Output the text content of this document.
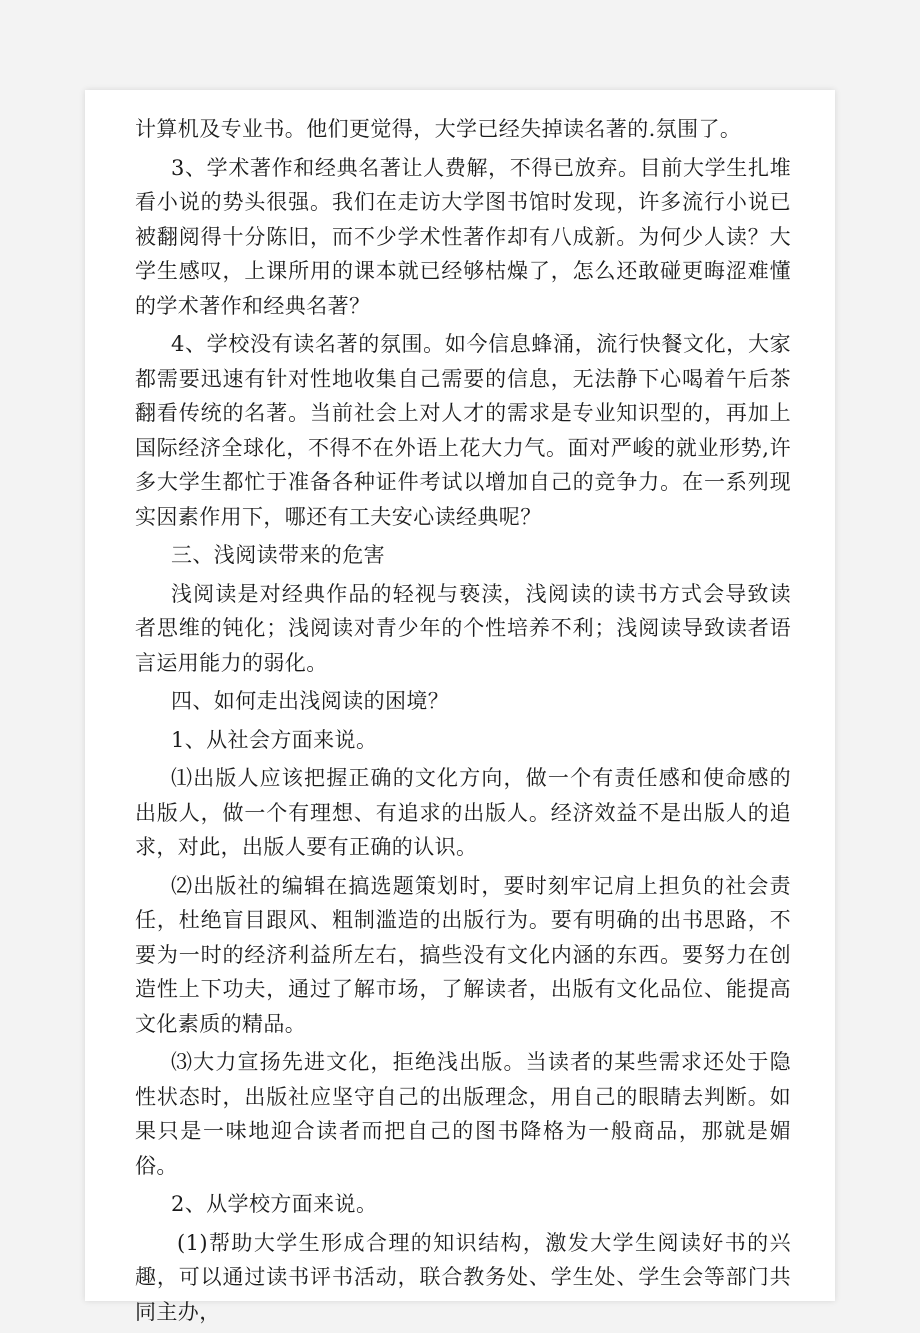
计算机及专业书。他们更觉得，大学已经失掉读名著的.氛围了。

3、学术著作和经典名著让人费解，不得已放弃。目前大学生扎堆看小说的势头很强。我们在走访大学图书馆时发现，许多流行小说已被翻阅得十分陈旧，而不少学术性著作却有八成新。为何少人读？大学生感叹，上课所用的课本就已经够枯燥了，怎么还敢碰更晦涩难懂的学术著作和经典名著？

4、学校没有读名著的氛围。如今信息蜂涌，流行快餐文化，大家都需要迅速有针对性地收集自己需要的信息，无法静下心喝着午后茶翻看传统的名著。当前社会上对人才的需求是专业知识型的，再加上国际经济全球化，不得不在外语上花大力气。面对严峻的就业形势,许多大学生都忙于准备各种证件考试以增加自己的竞争力。在一系列现实因素作用下，哪还有工夫安心读经典呢？

三、浅阅读带来的危害

浅阅读是对经典作品的轻视与亵渎，浅阅读的读书方式会导致读者思维的钝化；浅阅读对青少年的个性培养不利；浅阅读导致读者语言运用能力的弱化。

四、如何走出浅阅读的困境？

1、从社会方面来说。

⑴出版人应该把握正确的文化方向，做一个有责任感和使命感的出版人，做一个有理想、有追求的出版人。经济效益不是出版人的追求，对此，出版人要有正确的认识。

⑵出版社的编辑在搞选题策划时，要时刻牢记肩上担负的社会责任，杜绝盲目跟风、粗制滥造的出版行为。要有明确的出书思路，不要为一时的经济利益所左右，搞些没有文化内涵的东西。要努力在创造性上下功夫，通过了解市场，了解读者，出版有文化品位、能提高文化素质的精品。

⑶大力宣扬先进文化，拒绝浅出版。当读者的某些需求还处于隐性状态时，出版社应坚守自己的出版理念，用自己的眼睛去判断。如果只是一味地迎合读者而把自己的图书降格为一般商品，那就是媚俗。

2、从学校方面来说。

(1)帮助大学生形成合理的知识结构，激发大学生阅读好书的兴趣，可以通过读书评书活动，联合教务处、学生处、学生会等部门共同主办，
